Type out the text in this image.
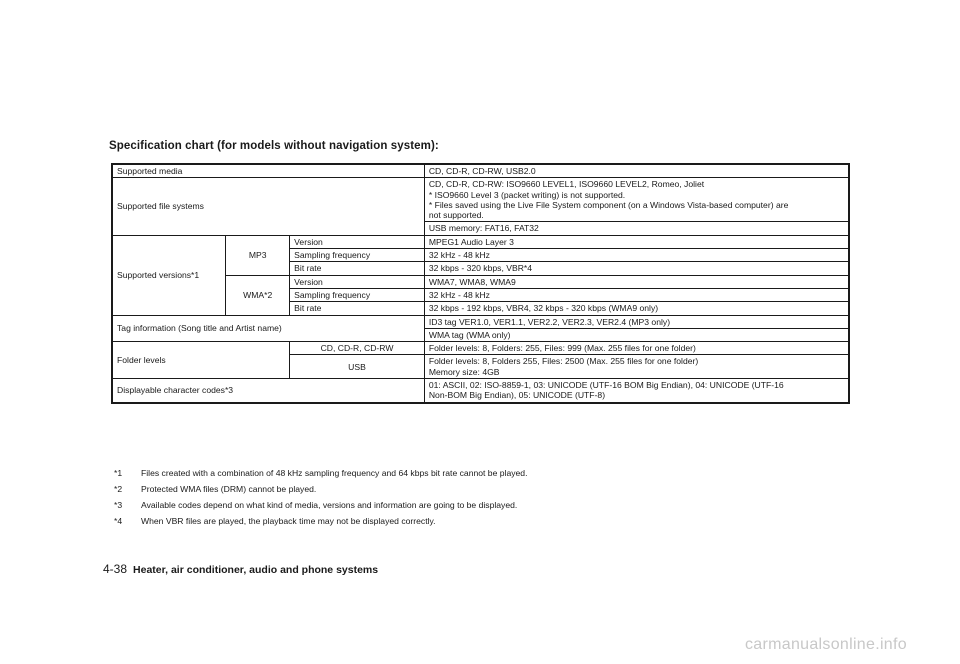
Specification chart (for models without navigation system):
Supported media			CD, CD-R, CD-RW, USB2.0
Supported file systems			CD, CD-R, CD-RW: ISO9660 LEVEL1, ISO9660 LEVEL2, Romeo, Joliet
* ISO9660 Level 3 (packet writing) is not supported.
* Files saved using the Live File System component (on a Windows Vista-based computer) are
not supported.

			USB memory: FAT16, FAT32
Supported versions*1	MP3	Version	MPEG1 Audio Layer 3
		Sampling frequency	32 kHz - 48 kHz
		Bit rate	32 kbps - 320 kbps, VBR*4
	WMA*2	Version	WMA7, WMA8, WMA9
		Sampling frequency	32 kHz - 48 kHz
		Bit rate	32 kbps - 192 kbps, VBR4, 32 kbps - 320 kbps (WMA9 only)
Tag information (Song title and Artist name)			ID3 tag VER1.0, VER1.1, VER2.2, VER2.3, VER2.4 (MP3 only)
			WMA tag (WMA only)
Folder levels		CD, CD-R, CD-RW	Folder levels: 8, Folders: 255, Files: 999 (Max. 255 files for one folder)
		USB	Folder levels: 8, Folders 255, Files: 2500 (Max. 255 files for one folder)
Memory size: 4GB

Displayable character codes*3			01: ASCII, 02: ISO-8859-1, 03: UNICODE (UTF-16 BOM Big Endian), 04: UNICODE (UTF-16
Non-BOM Big Endian), 05: UNICODE (UTF-8)
*1	Files created with a combination of 48 kHz sampling frequency and 64 kbps bit rate cannot be played.
*2	Protected WMA files (DRM) cannot be played.
*3	Available codes depend on what kind of media, versions and information are going to be displayed.
*4	When VBR files are played, the playback time may not be displayed correctly.
4-38 Heater, air conditioner, audio and phone systems
carmanualsonline.info
